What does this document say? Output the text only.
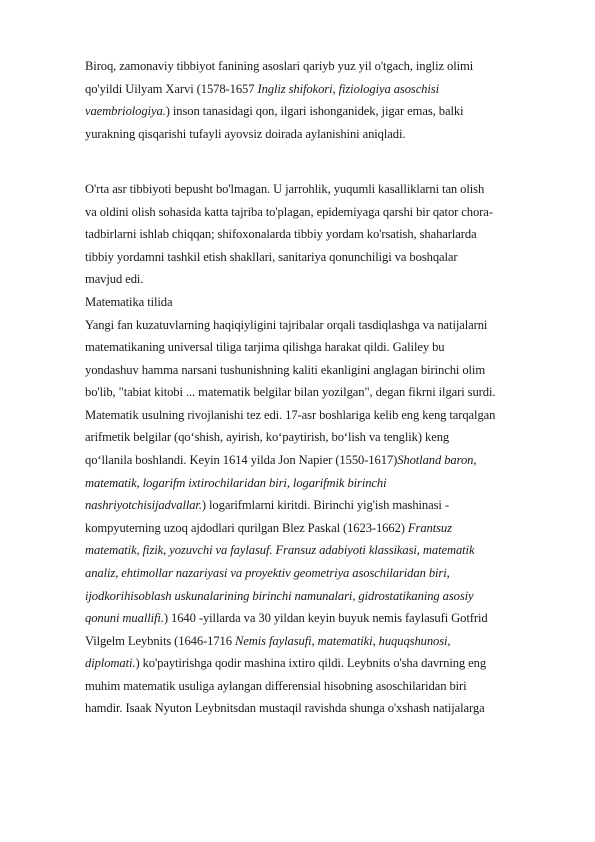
Biroq, zamonaviy tibbiyot fanining asoslari qariyb yuz yil o'tgach, ingliz olimi
qo'yildi Uilyam Xarvi (1578-1657 Ingliz shifokori, fiziologiya asoschisi
vaembriologiya.) inson tanasidagi qon, ilgari ishonganidek, jigar emas, balki
yurakning qisqarishi tufayli ayovsiz doirada aylanishini aniqladi.
O'rta asr tibbiyoti bepusht bo'lmagan. U jarrohlik, yuqumli kasalliklarni tan olish
va oldini olish sohasida katta tajriba to'plagan, epidemiyaga qarshi bir qator chora-
tadbirlarni ishlab chiqqan; shifoxonalarda tibbiy yordam ko'rsatish, shaharlarda
tibbiy yordamni tashkil etish shakllari, sanitariya qonunchiligi va boshqalar
mavjud edi.
Matematika tilida
Yangi fan kuzatuvlarning haqiqiyligini tajribalar orqali tasdiqlashga va natijalarni
matematikaning universal tiliga tarjima qilishga harakat qildi. Galiley bu
yondashuv hamma narsani tushunishning kaliti ekanligini anglagan birinchi olim
bo'lib, "tabiat kitobi ... matematik belgilar bilan yozilgan", degan fikrni ilgari surdi.
Matematik usulning rivojlanishi tez edi. 17-asr boshlariga kelib eng keng tarqalgan
arifmetik belgilar (qoʻshish, ayirish, koʻpaytirish, boʻlish va tenglik) keng
qoʻllanila boshlandi. Keyin 1614 yilda Jon Napier (1550-1617)Shotland baron,
matematik, logarifm ixtirochilaridan biri, logarifmik birinchi
nashriyotchisijadvallar.) logarifmlarni kiritdi. Birinchi yig'ish mashinasi -
kompyuterning uzoq ajdodlari qurilgan Blez Paskal (1623-1662) Frantsuz
matematik, fizik, yozuvchi va faylasuf. Fransuz adabiyoti klassikasi, matematik
analiz, ehtimollar nazariyasi va proyektiv geometriya asoschilaridan biri,
ijodkorihisoblash uskunalarining birinchi namunalari, gidrostatikaning asosiy
qonuni muallifi.) 1640 -yillarda va 30 yildan keyin buyuk nemis faylasufi Gotfrid
Vilgelm Leybnits (1646-1716 Nemis faylasufi, matematiki, huquqshunosi,
diplomati.) ko'paytirishga qodir mashina ixtiro qildi. Leybnits o'sha davrning eng
muhim matematik usuliga aylangan differensial hisobning asoschilaridan biri
hamdir. Isaak Nyuton Leybnitsdan mustaqil ravishda shunga o'xshash natijalarga
